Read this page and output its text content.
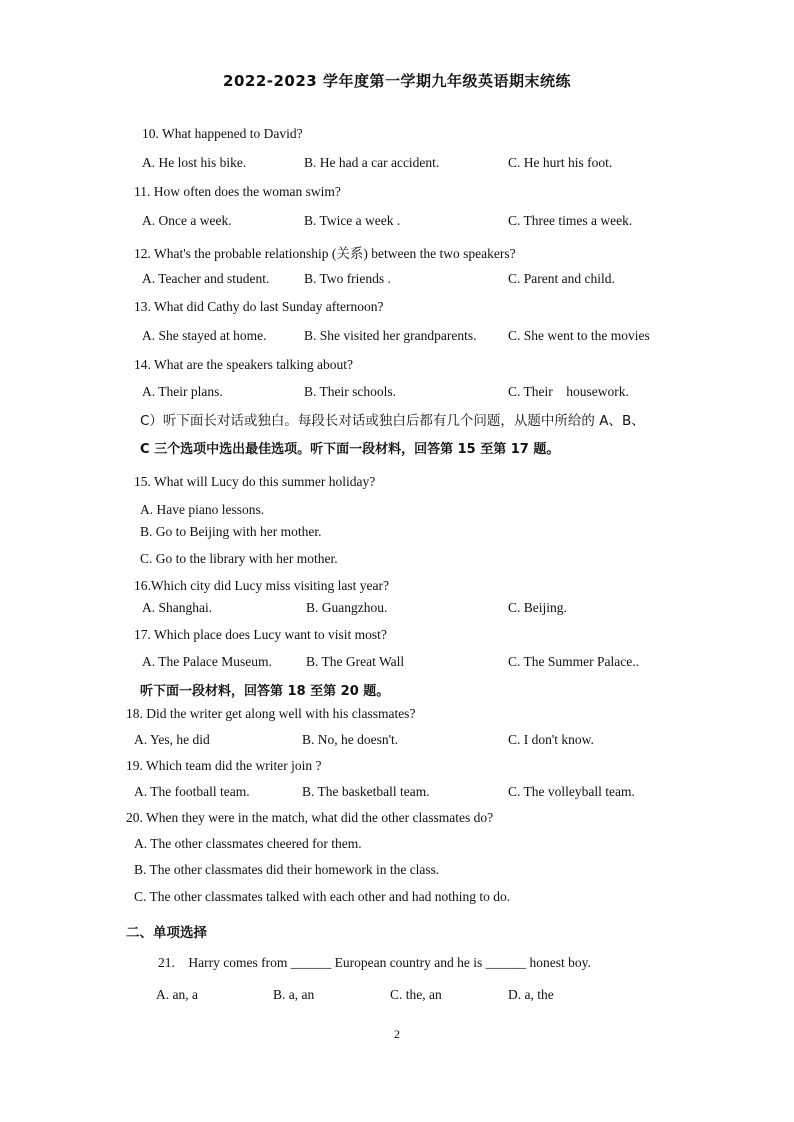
2022-2023 学年度第一学期九年级英语期末统练
10. What happened to David?
A. He lost his bike.	B. He had a car accident.	C. He hurt his foot.
11. How often does the woman swim?
A. Once a week.	B. Twice a week .	C. Three times a week.
12. What's the probable relationship (关系) between the two speakers?
A. Teacher and student.	B. Two friends .	C. Parent and child.
13. What did Cathy do last Sunday afternoon?
A. She stayed at home.	B. She visited her grandparents. C. She went to the movies
14. What are the speakers talking about?
A. Their plans.	B. Their schools.	C. Their    housework.
C）听下面长对话或独白。每段长对话或独白后都有几个问题，从题中所给的 A、B、
C 三个选项中选出最佳选项。听下面一段材料，回答第 15 至第 17 题。
15. What will Lucy do this summer holiday?
A. Have piano lessons.
B. Go to Beijing with her mother.
C. Go to the library with her mother.
16.Which city did Lucy miss visiting last year?
A. Shanghai.	B. Guangzhou.	C. Beijing.
17. Which place does Lucy want to visit most?
A. The Palace Museum.	B. The Great Wall	C. The Summer Palace..
听下面一段材料，回答第 18 至第 20 题。
18. Did the writer get along well with his classmates?
A. Yes, he did	B. No, he doesn't.	C. I don't know.
19. Which team did the writer join ?
A. The football team.	B. The basketball team.	C. The volleyball team.
20. When they were in the match, what did the other classmates do?
A. The other classmates cheered for them.
B. The other classmates did their homework in the class.
C. The other classmates talked with each other and had nothing to do.
二、单项选择
21.    Harry comes from ______ European country and he is ______ honest boy.
A. an, a	B. a, an	C. the, an	D. a, the
2
